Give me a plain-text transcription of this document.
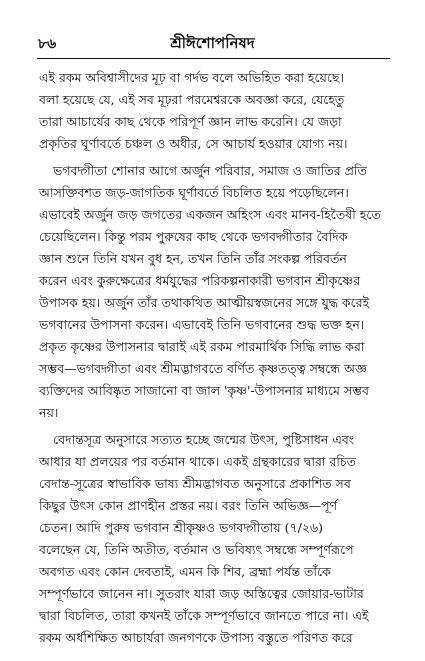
৮৬	শ্রীঈশোপনিষদ

এই রকম অবিশ্বাসীদের মূঢ় বা গর্দভ বলে অভিহিত করা হয়েছে।
বলা হয়েছে যে, এই সব মূঢ়রা পরমেশ্বরকে অবজ্ঞা করে, যেহেতু
তারা আচার্যের কাছ থেকে পরিপূর্ণ জ্ঞান লাভ করেনি। যে জড়া
প্রকৃতির ঘূর্ণাবর্তে চঞ্চল ও অধীর, সে আচার্য হওয়ার যোগ্য নয়।

ভগবদ্গীতা শোনার আগে অর্জুন পরিবার, সমাজ ও জাতির প্রতি
আসক্তিবশত জড়-জাগতিক ঘূর্ণাবর্তে বিচলিত হয়ে পড়েছিলেন।
এভাবেই অর্জুন জড় জগতের একজন অহিংস এবং মানব-হিতৈষী হতে
চেয়েছিলেন। কিন্তু পরম পুরুষের কাছ থেকে ভগবদ্গীতার বৈদিক
জ্ঞান শুনে তিনি যখন বুধ হন, তখন তিনি তাঁর সংকল্প পরিবর্তন
করেন এবং কুরুক্ষেত্রের ধর্মযুদ্ধের পরিকল্পনাকারী ভগবান শ্রীকৃষ্ণের
উপাসক হয়। অর্জুন তাঁর তথাকথিত আত্মীয়স্বজনের সঙ্গে যুদ্ধ করেই
ভগবানের উপাসনা করেন। এভাবেই তিনি ভগবানের শুদ্ধ ভক্ত হন।
প্রকৃত কৃষ্ণের উপাসনার দ্বারাই এই রকম পারমার্থিক সিদ্ধি লাভ করা
সম্ভব—ভগবদ্গীতা এবং শ্রীমদ্ভাগবতে বর্ণিত কৃষ্ণতত্ত্ব সম্বন্ধে অজ্ঞ
ব্যক্তিদের আবিষ্কৃত সাজানো বা জাল 'কৃষ্ণ'-উপাসনার মাধ্যমে সম্ভব
নয়।

বেদান্তসূত্র অনুসারে সত্যত হচ্ছে জন্মের উৎস, পুষ্টিসাধন এবং
আধার যা প্রলয়ের পর বর্তমান থাকে। একই গ্রন্থকারের দ্বারা রচিত
বেদান্ত-সূত্রের স্বাভাবিক ভাষ্য শ্রীমদ্ভাগবত অনুসারে প্রকাশিত সব
কিছুর উৎস কোন প্রাণহীন প্রস্তর নয়। বরং তিনি অভিজ্ঞ—পূর্ণ
চেতন। আদি পুরুষ ভগবান শ্রীকৃষ্ণও ভগবদ্গীতায় (৭/২৬)
বলেছেন যে, তিনি অতীত, বর্তমান ও ভবিষ্যৎ সম্বন্ধে সম্পূর্ণরূপে
অবগত এবং কোন দেবতাই, এমন কি শিব, ব্রহ্মা পর্যন্ত তাঁকে
সম্পূর্ণভাবে জানেন না। সুতরাং যারা জড় অস্তিত্বের জোয়ার-ভাটার
দ্বারা বিচলিত, তারা কখনই তাঁকে সম্পূর্ণভাবে জানতে পারে না। এই
রকম অর্ধশিক্ষিত আচার্যরা জনগণকে উপাস্য বস্তুতে পরিণত করে
